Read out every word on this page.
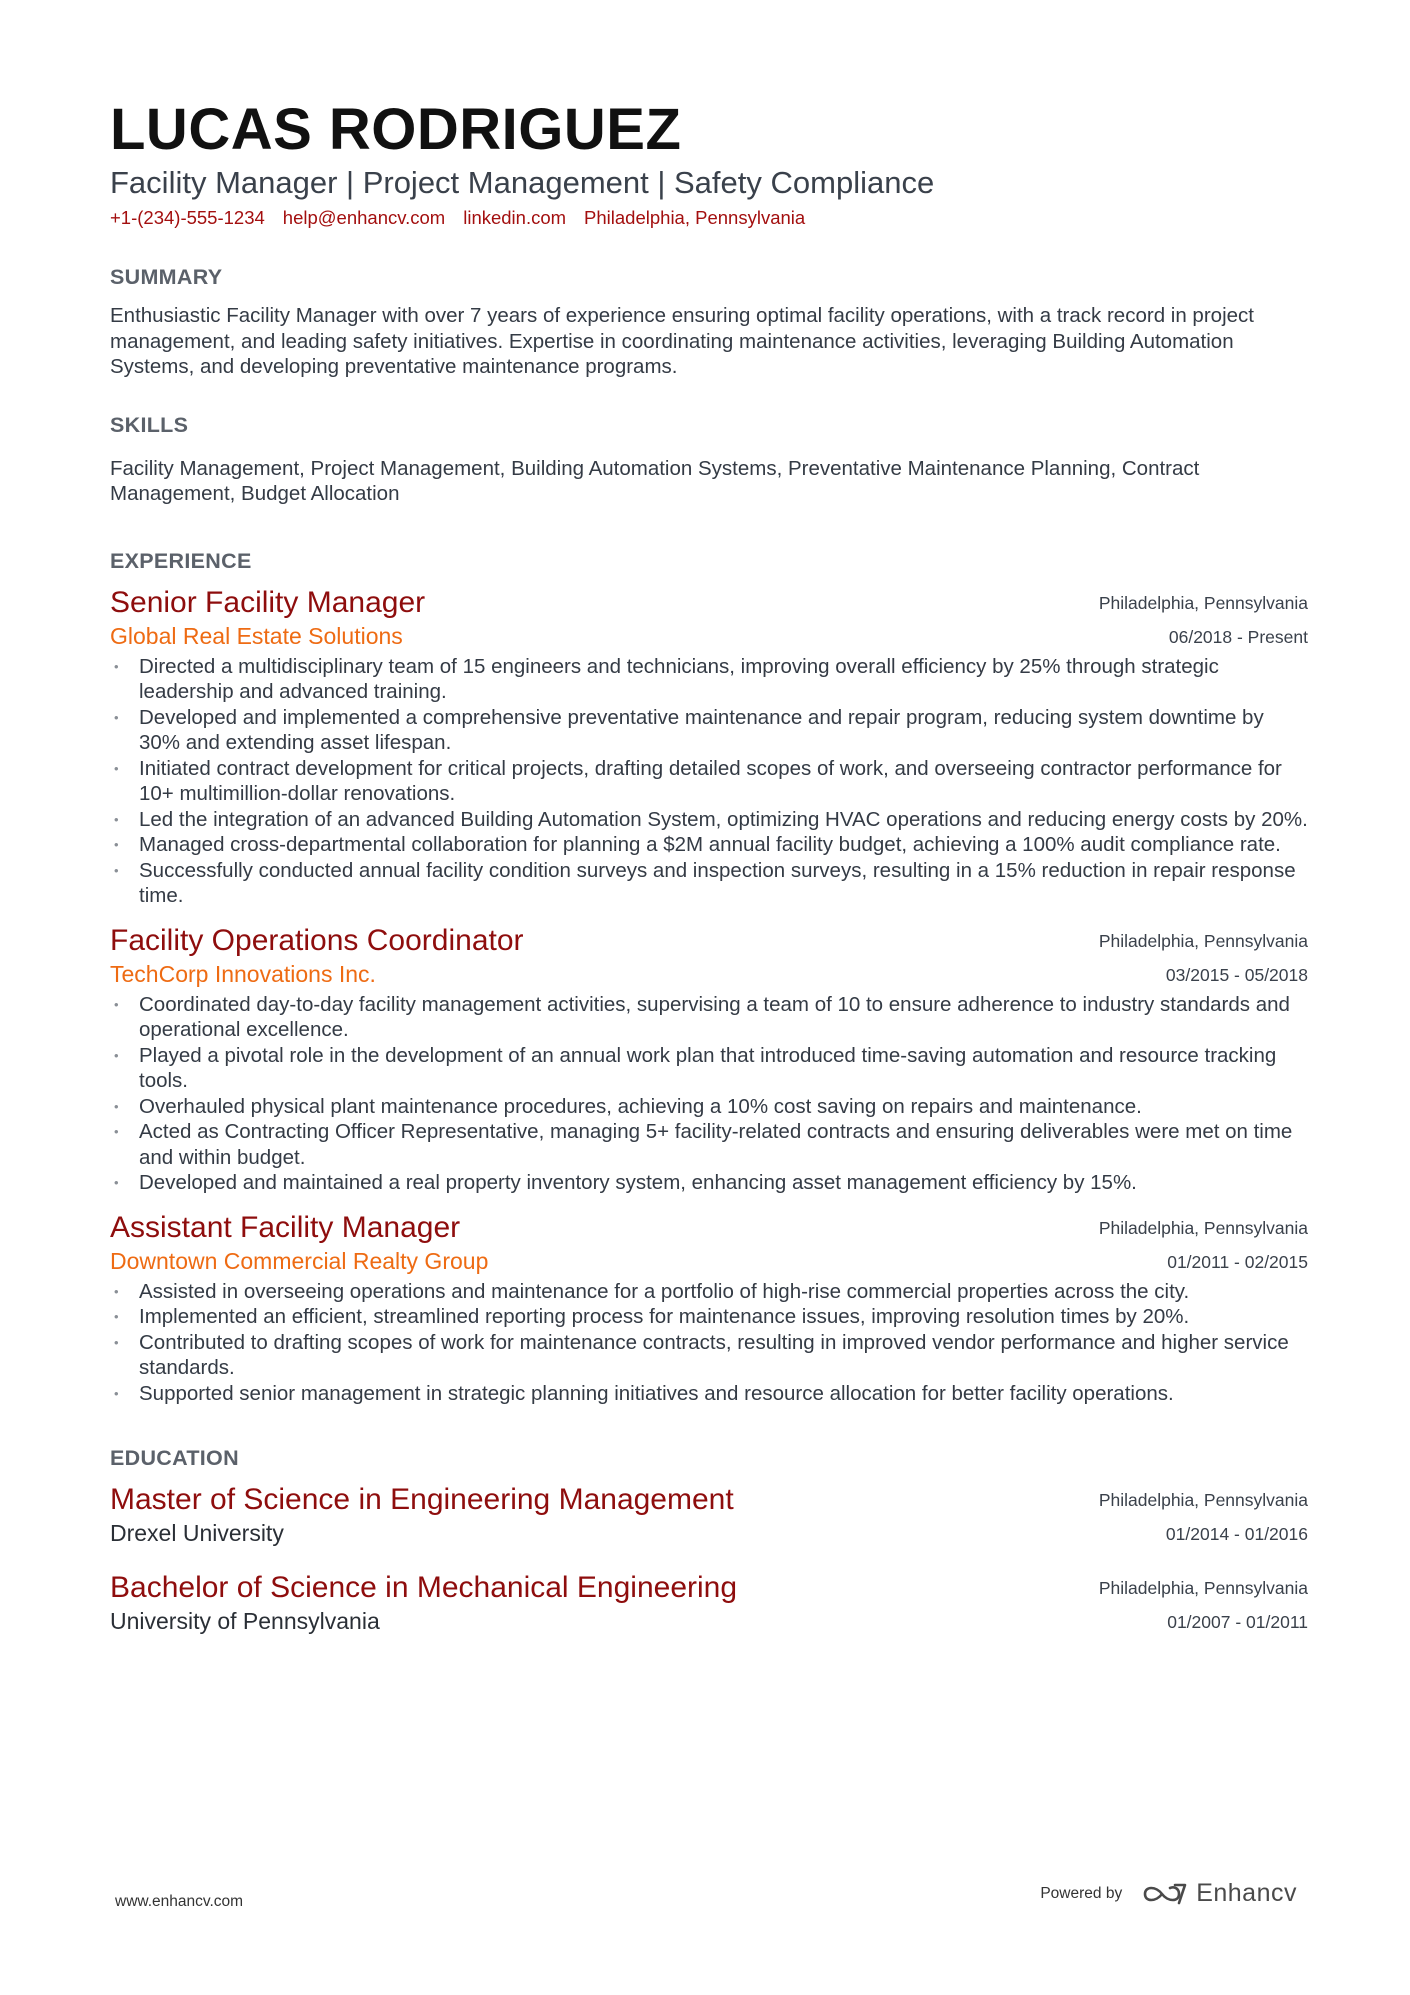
LUCAS RODRIGUEZ
Facility Manager | Project Management | Safety Compliance
+1-(234)-555-1234 help@enhancv.com linkedin.com Philadelphia, Pennsylvania
SUMMARY
Enthusiastic Facility Manager with over 7 years of experience ensuring optimal facility operations, with a track record in project management, and leading safety initiatives. Expertise in coordinating maintenance activities, leveraging Building Automation Systems, and developing preventative maintenance programs.
SKILLS
Facility Management, Project Management, Building Automation Systems, Preventative Maintenance Planning, Contract Management, Budget Allocation
EXPERIENCE
Senior Facility Manager
Global Real Estate Solutions
Philadelphia, Pennsylvania
06/2018 - Present
• Directed a multidisciplinary team of 15 engineers and technicians, improving overall efficiency by 25% through strategic leadership and advanced training.
• Developed and implemented a comprehensive preventative maintenance and repair program, reducing system downtime by 30% and extending asset lifespan.
• Initiated contract development for critical projects, drafting detailed scopes of work, and overseeing contractor performance for 10+ multimillion-dollar renovations.
• Led the integration of an advanced Building Automation System, optimizing HVAC operations and reducing energy costs by 20%.
• Managed cross-departmental collaboration for planning a $2M annual facility budget, achieving a 100% audit compliance rate.
• Successfully conducted annual facility condition surveys and inspection surveys, resulting in a 15% reduction in repair response time.
Facility Operations Coordinator
TechCorp Innovations Inc.
Philadelphia, Pennsylvania
03/2015 - 05/2018
• Coordinated day-to-day facility management activities, supervising a team of 10 to ensure adherence to industry standards and operational excellence.
• Played a pivotal role in the development of an annual work plan that introduced time-saving automation and resource tracking tools.
• Overhauled physical plant maintenance procedures, achieving a 10% cost saving on repairs and maintenance.
• Acted as Contracting Officer Representative, managing 5+ facility-related contracts and ensuring deliverables were met on time and within budget.
• Developed and maintained a real property inventory system, enhancing asset management efficiency by 15%.
Assistant Facility Manager
Downtown Commercial Realty Group
Philadelphia, Pennsylvania
01/2011 - 02/2015
• Assisted in overseeing operations and maintenance for a portfolio of high-rise commercial properties across the city.
• Implemented an efficient, streamlined reporting process for maintenance issues, improving resolution times by 20%.
• Contributed to drafting scopes of work for maintenance contracts, resulting in improved vendor performance and higher service standards.
• Supported senior management in strategic planning initiatives and resource allocation for better facility operations.
EDUCATION
Master of Science in Engineering Management
Drexel University
Philadelphia, Pennsylvania
01/2014 - 01/2016
Bachelor of Science in Mechanical Engineering
University of Pennsylvania
Philadelphia, Pennsylvania
01/2007 - 01/2011
www.enhancv.com	Powered by	Enhancv
